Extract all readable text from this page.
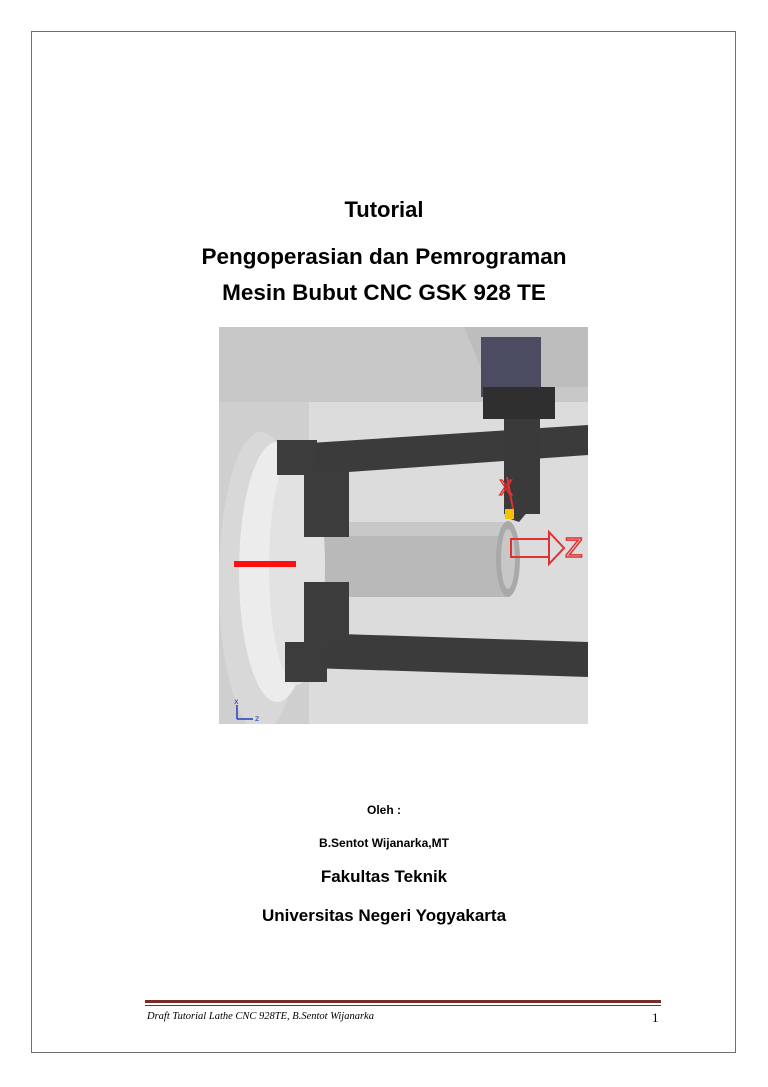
Tutorial
Pengoperasian dan Pemrograman
Mesin Bubut CNC GSK 928 TE
Z
X
x
z
Oleh :
B.Sentot Wijanarka,MT
Fakultas Teknik
Universitas Negeri Yogyakarta
Draft Tutorial Lathe CNC 928TE, B.Sentot Wijanarka	1
